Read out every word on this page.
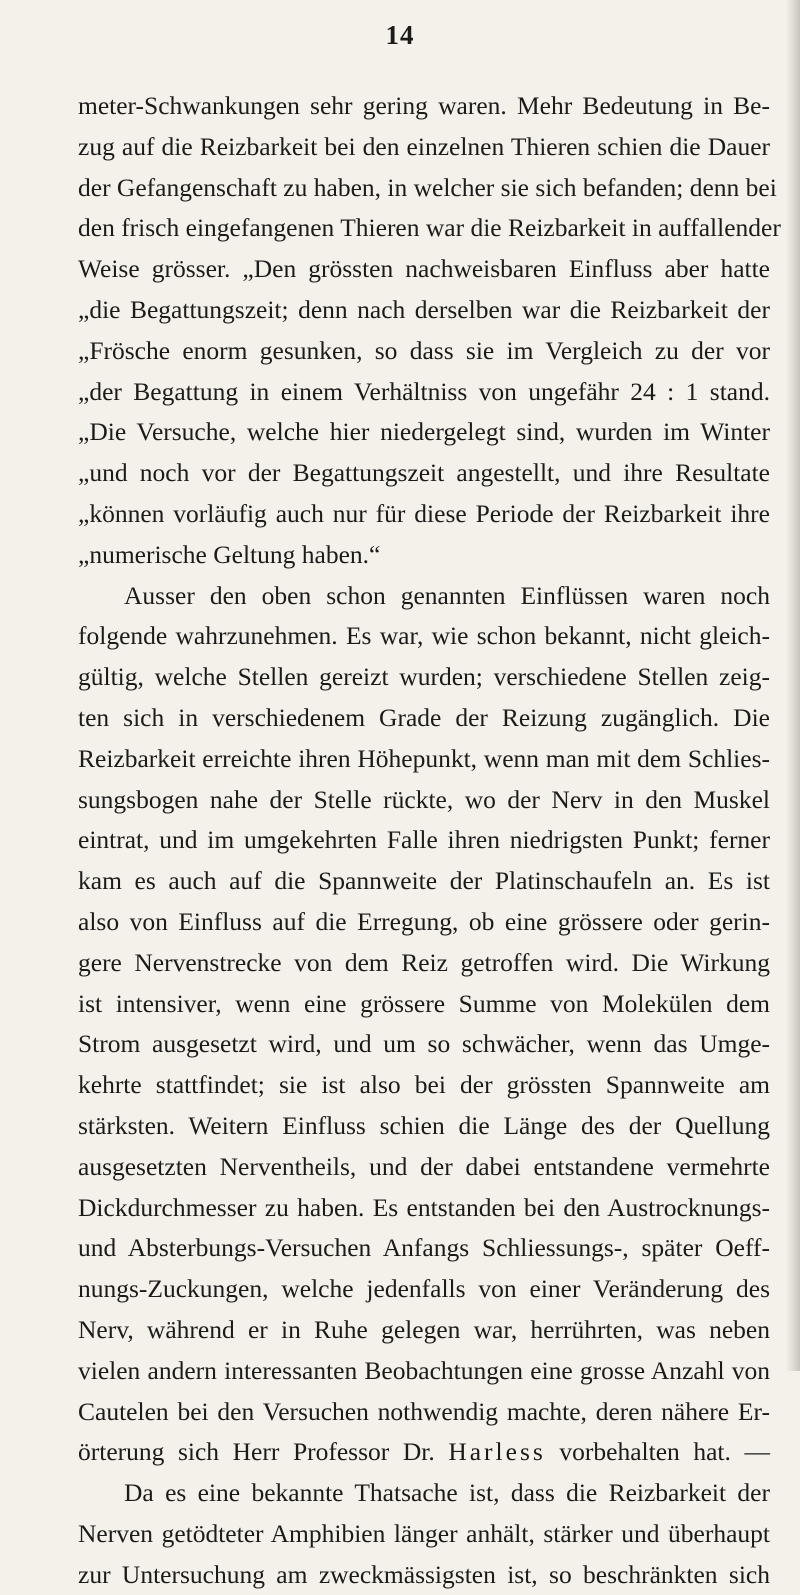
14
meter-Schwankungen sehr gering waren. Mehr Bedeutung in Be-
zug auf die Reizbarkeit bei den einzelnen Thieren schien die Dauer
der Gefangenschaft zu haben, in welcher sie sich befanden; denn bei
den frisch eingefangenen Thieren war die Reizbarkeit in auffallender
Weise grösser. „Den grössten nachweisbaren Einfluss aber hatte
„die Begattungszeit; denn nach derselben war die Reizbarkeit der
„Frösche enorm gesunken, so dass sie im Vergleich zu der vor
„der Begattung in einem Verhältniss von ungefähr 24 : 1 stand.
„Die Versuche, welche hier niedergelegt sind, wurden im Winter
„und noch vor der Begattungszeit angestellt, und ihre Resultate
„können vorläufig auch nur für diese Periode der Reizbarkeit ihre
„numerische Geltung haben.“
Ausser den oben schon genannten Einflüssen waren noch
folgende wahrzunehmen. Es war, wie schon bekannt, nicht gleich-
gültig, welche Stellen gereizt wurden; verschiedene Stellen zeig-
ten sich in verschiedenem Grade der Reizung zugänglich. Die
Reizbarkeit erreichte ihren Höhepunkt, wenn man mit dem Schlies-
sungsbogen nahe der Stelle rückte, wo der Nerv in den Muskel
eintrat, und im umgekehrten Falle ihren niedrigsten Punkt; ferner
kam es auch auf die Spannweite der Platinschaufeln an. Es ist
also von Einfluss auf die Erregung, ob eine grössere oder gerin-
gere Nervenstrecke von dem Reiz getroffen wird. Die Wirkung
ist intensiver, wenn eine grössere Summe von Molekülen dem
Strom ausgesetzt wird, und um so schwächer, wenn das Umge-
kehrte stattfindet; sie ist also bei der grössten Spannweite am
stärksten. Weitern Einfluss schien die Länge des der Quellung
ausgesetzten Nerventheils, und der dabei entstandene vermehrte
Dickdurchmesser zu haben. Es entstanden bei den Austrocknungs-
und Absterbungs-Versuchen Anfangs Schliessungs-, später Oeff-
nungs-Zuckungen, welche jedenfalls von einer Veränderung des
Nerv, während er in Ruhe gelegen war, herrührten, was neben
vielen andern interessanten Beobachtungen eine grosse Anzahl von
Cautelen bei den Versuchen nothwendig machte, deren nähere Er-
örterung sich Herr Professor Dr. Harless vorbehalten hat. —
Da es eine bekannte Thatsache ist, dass die Reizbarkeit der
Nerven getödteter Amphibien länger anhält, stärker und überhaupt
zur Untersuchung am zweckmässigsten ist, so beschränkten sich
